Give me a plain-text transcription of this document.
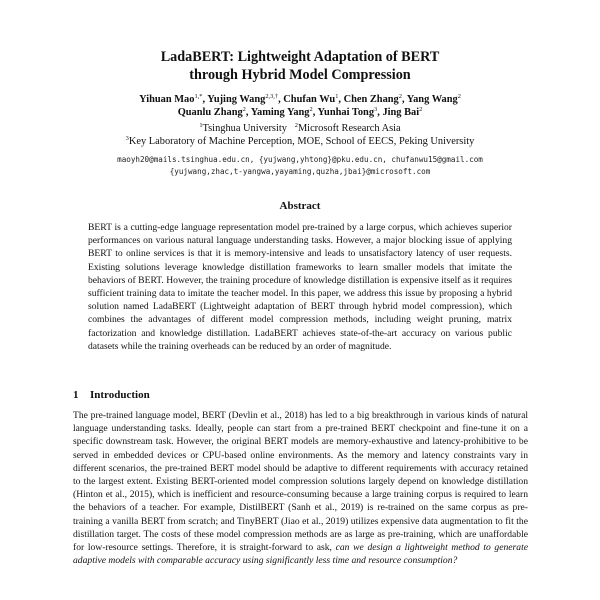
LadaBERT: Lightweight Adaptation of BERT
through Hybrid Model Compression
Yihuan Mao$^{1,*}$, Yujing Wang$^{2,3,\dagger}$, Chufan Wu$^1$, Chen Zhang$^2$, Yang Wang$^2$
Quanlu Zhang$^2$, Yaming Yang$^2$, Yunhai Tong$^3$, Jing Bai$^2$
$^1$Tsinghua University $^2$Microsoft Research Asia
$^3$Key Laboratory of Machine Perception, MOE, School of EECS, Peking University
maoyh20@mails.tsinghua.edu.cn, {yujwang,yhtong}@pku.edu.cn, chufanwu15@gmail.com
{yujwang,zhac,t-yangwa,yayaming,quzha,jbai}@microsoft.com
Abstract

BERT is a cutting-edge language representation model pre-trained by a large corpus, which achieves superior performances on various natural language understanding tasks. However, a major blocking issue of applying BERT to online services is that it is memory-intensive and leads to unsatisfactory latency of user requests. Existing solutions leverage knowledge distillation frameworks to learn smaller models that imitate the behaviors of BERT. However, the training procedure of knowledge distillation is expensive itself as it requires sufficient training data to imitate the teacher model. In this paper, we address this issue by proposing a hybrid solution named LadaBERT (Lightweight adaptation of BERT through hybrid model compression), which combines the advantages of different model compression methods, including weight pruning, matrix factorization and knowledge distillation. LadaBERT achieves state-of-the-art accuracy on various public datasets while the training overheads can be reduced by an order of magnitude.

1 Introduction

The pre-trained language model, BERT (Devlin et al., 2018) has led to a big breakthrough in various kinds of natural language understanding tasks. Ideally, people can start from a pre-trained BERT checkpoint and fine-tune it on a specific downstream task. However, the original BERT models are memory-exhaustive and latency-prohibitive to be served in embedded devices or CPU-based online environments. As the memory and latency constraints vary in different scenarios, the pre-trained BERT model should be adaptive to different requirements with accuracy retained to the largest extent. Existing BERT-oriented model compression solutions largely depend on knowledge distillation (Hinton et al., 2015), which is inefficient and resource-consuming because a large training corpus is required to learn the behaviors of a teacher. For example, DistilBERT (Sanh et al., 2019) is re-trained on the same corpus as pre-training a vanilla BERT from scratch; and TinyBERT (Jiao et al., 2019) utilizes expensive data augmentation to fit the distillation target. The costs of these model compression methods are as large as pre-training, which are unaffordable for low-resource settings. Therefore, it is straight-forward to ask, can we design a lightweight method to generate adaptive models with comparable accuracy using significantly less time and resource consumption?
